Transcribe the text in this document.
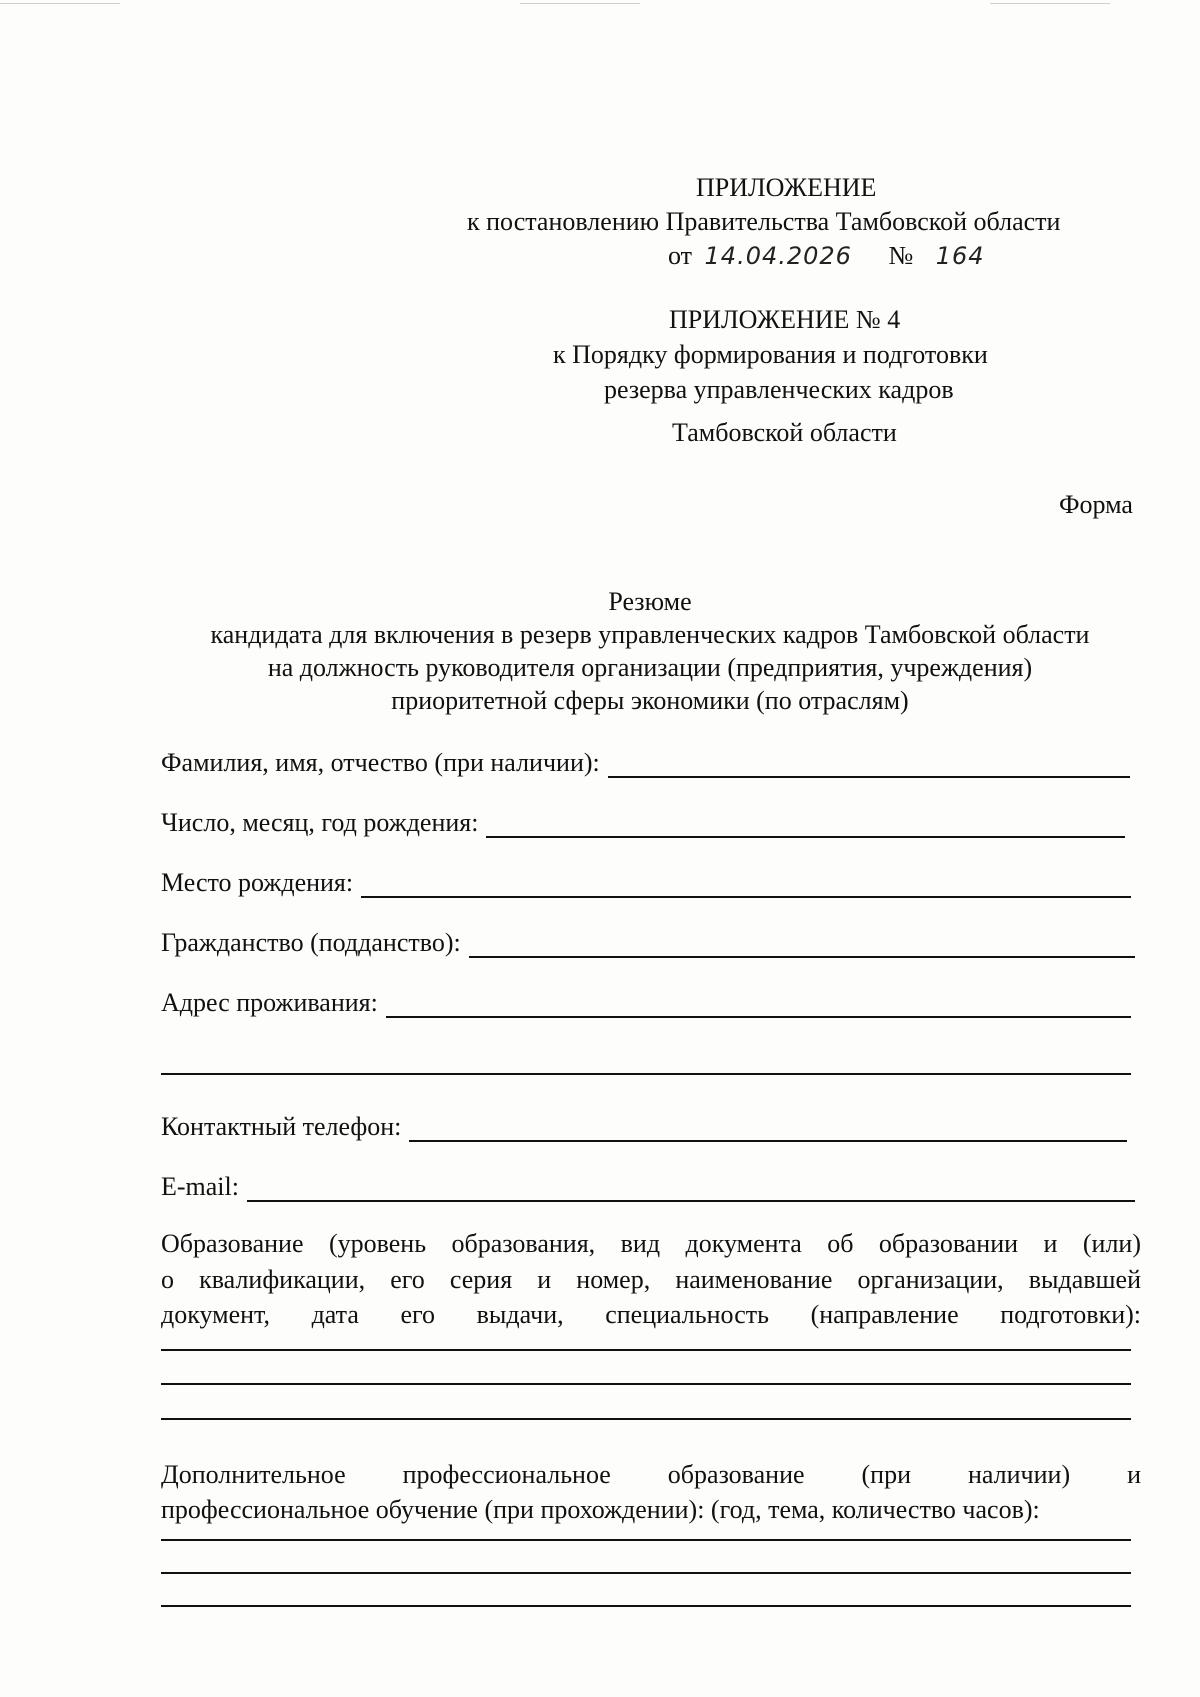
ПРИЛОЖЕНИЕ
к постановлению Правительства Тамбовской области
от 14.04.2026 № 164
ПРИЛОЖЕНИЕ № 4
к Порядку формирования и подготовки
резерва управленческих кадров
Тамбовской области
Форма
Резюме
кандидата для включения в резерв управленческих кадров Тамбовской области
на должность руководителя организации (предприятия, учреждения)
приоритетной сферы экономики (по отраслям)
Фамилия, имя, отчество (при наличии):
Число, месяц, год рождения:
Место рождения:
Гражданство (подданство):
Адрес проживания:
Контактный телефон:
E-mail:
Образование (уровень образования, вид документа об образовании и (или)
о квалификации, его серия и номер, наименование организации, выдавшей
документ, дата его выдачи, специальность (направление подготовки):
Дополнительное профессиональное образование (при наличии) и
профессиональное обучение (при прохождении): (год, тема, количество часов):
